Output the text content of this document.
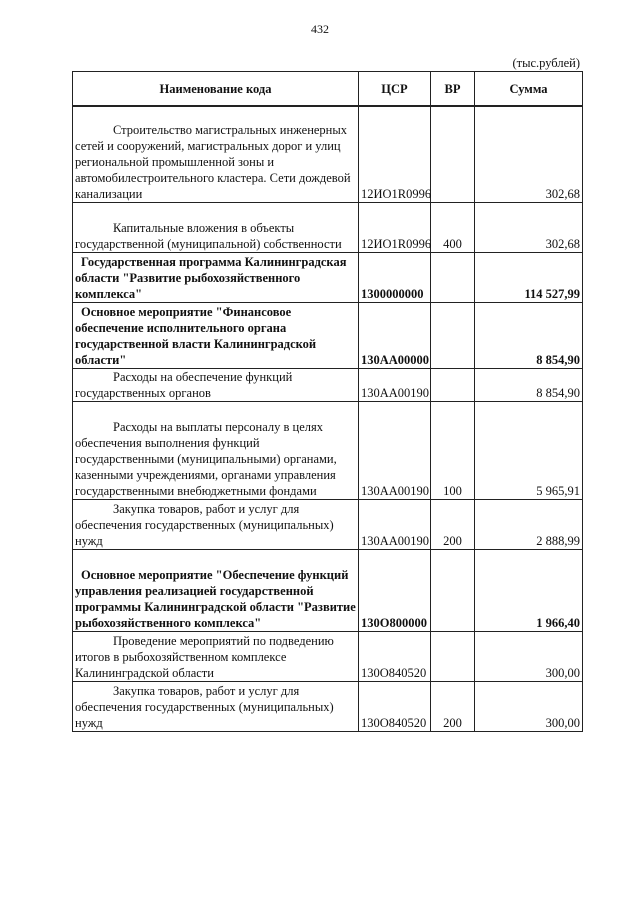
432
(тыс.рублей)
Наименование кода	ЦСР	ВР	Сумма
Строительство магистральных инженерных сетей и сооружений, магистральных дорог и улиц региональной промышленной зоны и автомобилестроительного кластера. Сети дождевой канализации	12ИО1R0996		302,68
Капитальные вложения в объекты государственной (муниципальной) собственности	12ИО1R0996	400	302,68
Государственная программа Калининградская области "Развитие рыбохозяйственного комплекса"	1300000000		114 527,99
Основное мероприятие "Финансовое обеспечение исполнительного органа государственной власти Калининградской области"	130АА00000		8 854,90
Расходы на обеспечение функций государственных органов	130АА00190		8 854,90
Расходы на выплаты персоналу в целях обеспечения выполнения функций государственными (муниципальными) органами, казенными учреждениями, органами управления государственными внебюджетными фондами	130АА00190	100	5 965,91
Закупка товаров, работ и услуг для обеспечения государственных (муниципальных) нужд	130АА00190	200	2 888,99
Основное мероприятие "Обеспечение функций управления реализацией государственной программы Калининградской области "Развитие рыбохозяйственного комплекса"	130О800000		1 966,40
Проведение мероприятий по подведению итогов в рыбохозяйственном комплексе Калининградской области	130О840520		300,00
Закупка товаров, работ и услуг для обеспечения государственных (муниципальных) нужд	130О840520	200	300,00
